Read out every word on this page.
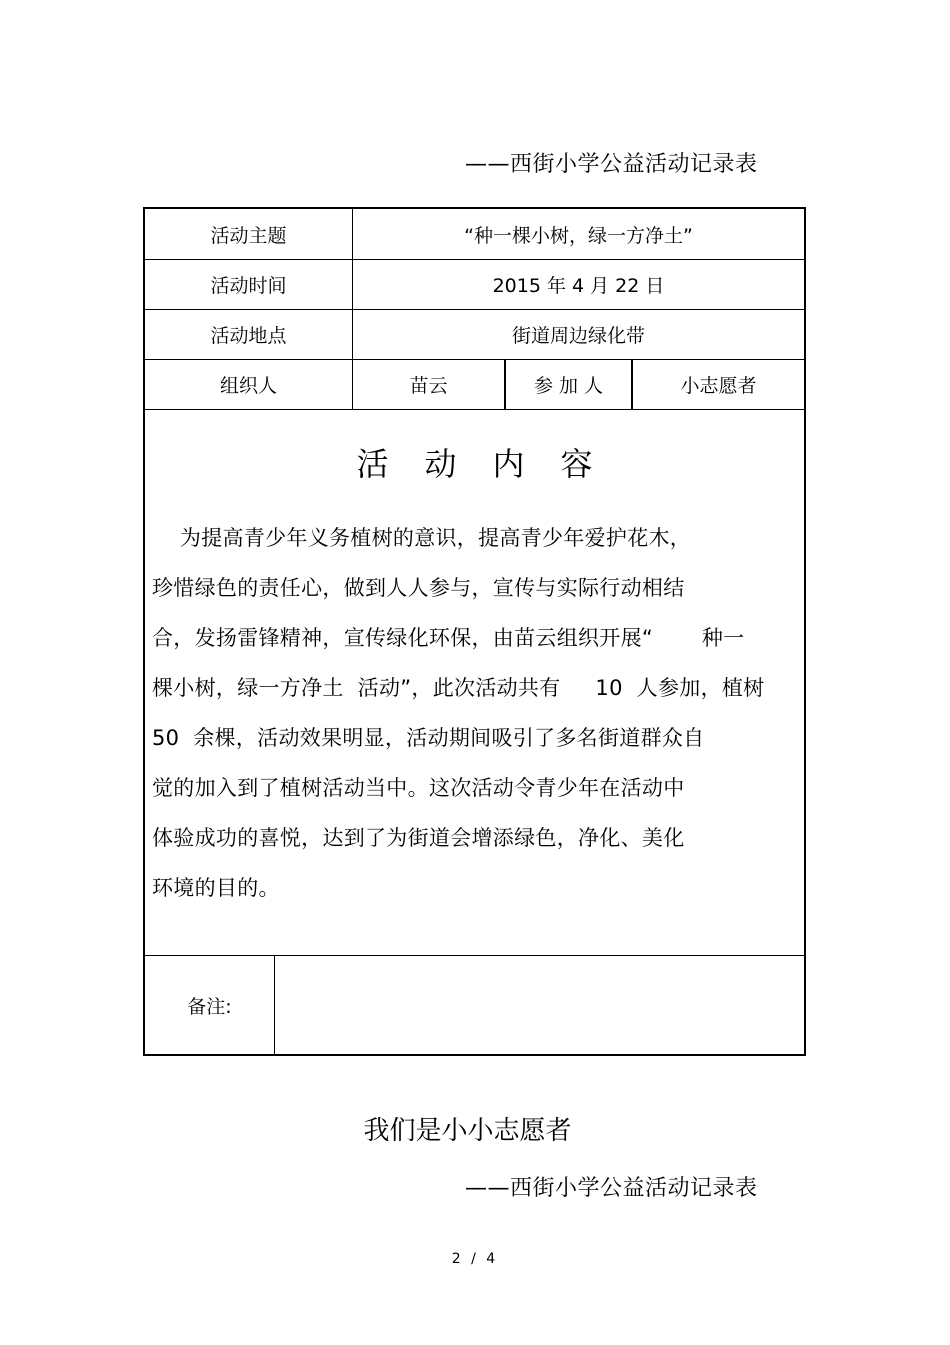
——西街小学公益活动记录表
活动主题	“种一棵小树，绿一方净土”
活动时间	2015 年 4 月 22 日
活动地点	街道周边绿化带
组织人	苗云	参 加 人	小志愿者
活动内容
为提高青少年义务植树的意识，提高青少年爱护花木，
珍惜绿色的责任心，做到人人参与，宣传与实际行动相结
合，发扬雷锋精神，宣传绿化环保，由苗云组织开展“       种一
棵小树，绿一方净土  活动”，此次活动共有     10  人参加，植树
50  余棵，活动效果明显，活动期间吸引了多名街道群众自
觉的加入到了植树活动当中。这次活动令青少年在活动中
体验成功的喜悦，达到了为街道会增添绿色，净化、美化
环境的目的。
备注:
我们是小小志愿者
——西街小学公益活动记录表
2 / 4
